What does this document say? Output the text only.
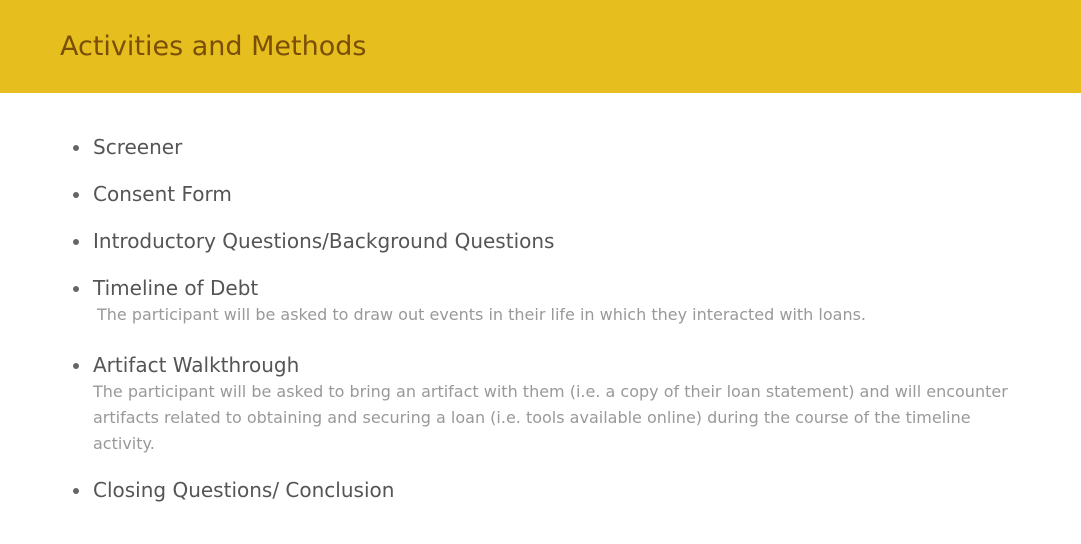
Activities and Methods
Screener
Consent Form
Introductory Questions/Background Questions
Timeline of Debt
The participant will be asked to draw out events in their life in which they interacted with loans.
Artifact Walkthrough
The participant will be asked to bring an artifact with them (i.e. a copy of their loan statement) and will encounter artifacts related to obtaining and securing a loan (i.e. tools available online) during the course of the timeline activity.
Closing Questions/ Conclusion
